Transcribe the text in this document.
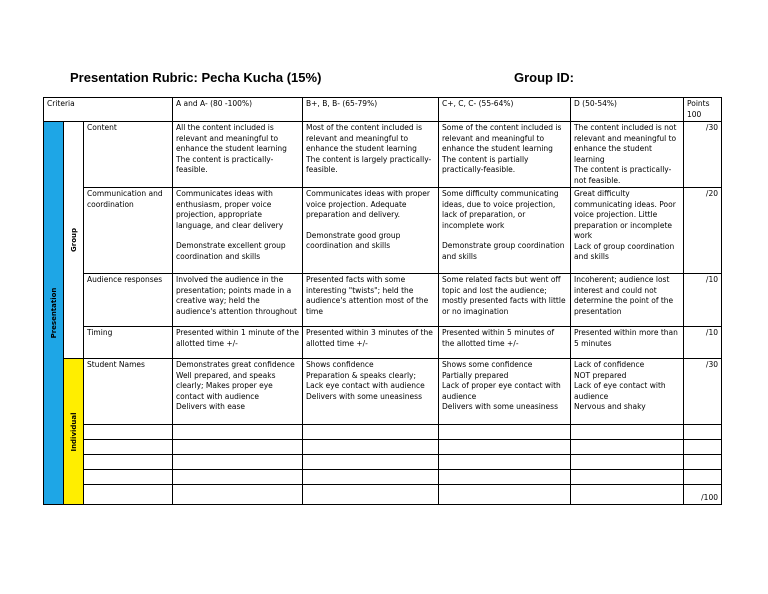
Presentation Rubric: Pecha Kucha (15%)	Group ID:
Criteria			A and A- (80 -100%)	B+, B, B- (65-79%)	C+, C, C- (55-64%)	D (50-54%)	Points 100

Presentation	Group	Content	All the content included is relevant and meaningful to enhance the student learning
The content is practically-feasible.	Most of the content included is relevant and meaningful to enhance the student learning
The content is largely practically-feasible.	Some of the content included is relevant and meaningful to enhance the student learning
The content is partially practically-feasible.	The content included is not relevant and meaningful to enhance the student learning
The content is practically-not feasible.	/30
		Communication and coordination	Communicates ideas with enthusiasm, proper voice projection, appropriate language, and clear delivery
Demonstrate excellent group coordination and skills	Communicates ideas with proper voice projection. Adequate preparation and delivery.
Demonstrate good group coordination and skills	Some difficulty communicating ideas, due to voice projection, lack of preparation, or incomplete work
Demonstrate group coordination and skills	Great difficulty communicating ideas. Poor voice projection. Little preparation or incomplete work
Lack of group coordination and skills	/20
		Audience responses	Involved the audience in the presentation; points made in a creative way; held the audience's attention throughout	Presented facts with some interesting "twists"; held the audience's attention most of the time	Some related facts but went off topic and lost the audience; mostly presented facts with little or no imagination	Incoherent; audience lost interest and could not determine the point of the presentation	/10
		Timing	Presented within 1 minute of the allotted time +/-	Presented within 3 minutes of the allotted time +/-	Presented within 5 minutes of the allotted time +/-	Presented within more than 5 minutes	/10

	Individual	Student Names	Demonstrates great confidence
Well prepared, and speaks clearly; Makes proper eye contact with audience
Delivers with ease	Shows confidence
Preparation & speaks clearly; Lack eye contact with audience
Delivers with some uneasiness	Shows some confidence
Partially prepared
Lack of proper eye contact with audience
Delivers with some uneasiness	Lack of confidence
NOT prepared
Lack of eye contact with audience
Nervous and shaky	/30

							/100
